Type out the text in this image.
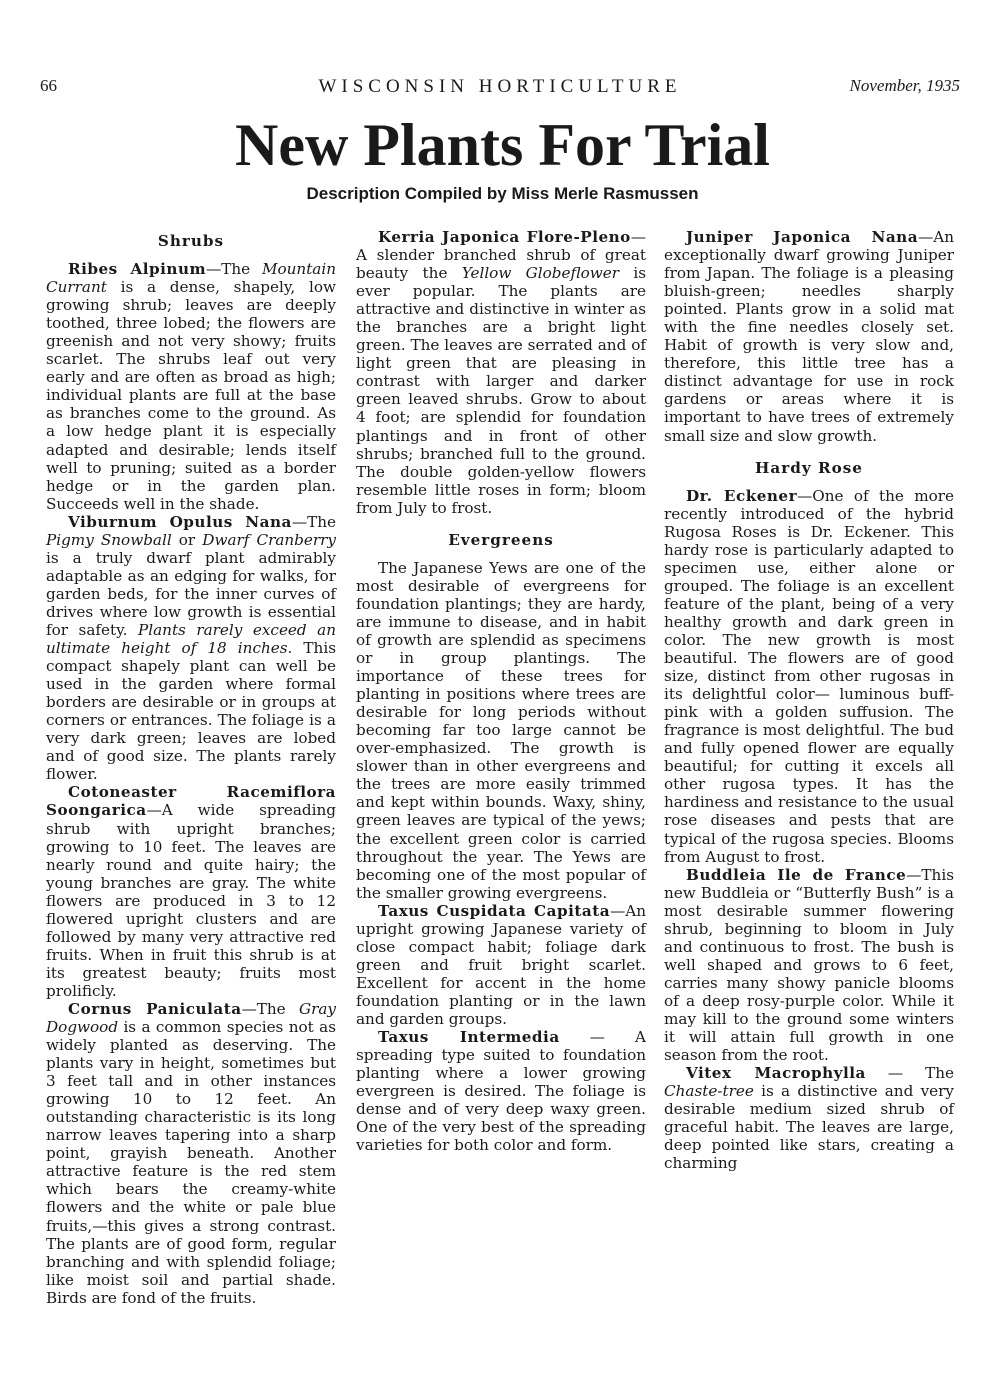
66	WISCONSIN HORTICULTURE	November, 1935
New Plants For Trial
Description Compiled by Miss Merle Rasmussen
Shrubs

Ribes Alpinum—The Mountain Currant is a dense, shapely, low growing shrub; leaves are deeply toothed, three lobed; the flowers are greenish and not very showy; fruits scarlet. The shrubs leaf out very early and are often as broad as high; individual plants are full at the base as branches come to the ground. As a low hedge plant it is especially adapted and desirable; lends itself well to pruning; suited as a border hedge or in the garden plan. Succeeds well in the shade.

Viburnum Opulus Nana—The Pigmy Snowball or Dwarf Cranberry is a truly dwarf plant admirably adaptable as an edging for walks, for garden beds, for the inner curves of drives where low growth is essential for safety. Plants rarely exceed an ultimate height of 18 inches. This compact shapely plant can well be used in the garden where formal borders are desirable or in groups at corners or entrances. The foliage is a very dark green; leaves are lobed and of good size. The plants rarely flower.

Cotoneaster Racemiflora Soongarica—A wide spreading shrub with upright branches; growing to 10 feet. The leaves are nearly round and quite hairy; the young branches are gray. The white flowers are produced in 3 to 12 flowered upright clusters and are followed by many very attractive red fruits. When in fruit this shrub is at its greatest beauty; fruits most prolificly.

Cornus Paniculata—The Gray Dogwood is a common species not as widely planted as deserving. The plants vary in height, sometimes but 3 feet tall and in other instances growing 10 to 12 feet. An outstanding characteristic is its long narrow leaves tapering into a sharp point, grayish beneath. Another attractive feature is the red stem which bears the creamy-white flowers and the white or pale blue fruits,—this gives a strong contrast. The plants are of good form, regular branching and with splendid foliage; like moist soil and partial shade. Birds are fond of the fruits.

Kerria Japonica Flore-Pleno—A slender branched shrub of great beauty the Yellow Globeflower is ever popular. The plants are attractive and distinctive in winter as the branches are a bright light green. The leaves are serrated and of light green that are pleasing in contrast with larger and darker green leaved shrubs. Grow to about 4 foot; are splendid for foundation plantings and in front of other shrubs; branched full to the ground. The double golden-yellow flowers resemble little roses in form; bloom from July to frost.

Evergreens

The Japanese Yews are one of the most desirable of evergreens for foundation plantings; they are hardy, are immune to disease, and in habit of growth are splendid as specimens or in group plantings. The importance of these trees for planting in positions where trees are desirable for long periods without becoming far too large cannot be over-emphasized. The growth is slower than in other evergreens and the trees are more easily trimmed and kept within bounds. Waxy, shiny, green leaves are typical of the yews; the excellent green color is carried throughout the year. The Yews are becoming one of the most popular of the smaller growing evergreens.

Taxus Cuspidata Capitata—An upright growing Japanese variety of close compact habit; foliage dark green and fruit bright scarlet. Excellent for accent in the home foundation planting or in the lawn and garden groups.

Taxus Intermedia — A spreading type suited to foundation planting where a lower growing evergreen is desired. The foliage is dense and of very deep waxy green. One of the very best of the spreading varieties for both color and form.

Juniper Japonica Nana—An exceptionally dwarf growing Juniper from Japan. The foliage is a pleasing bluish-green; needles sharply pointed. Plants grow in a solid mat with the fine needles closely set. Habit of growth is very slow and, therefore, this little tree has a distinct advantage for use in rock gardens or areas where it is important to have trees of extremely small size and slow growth.

Hardy Rose

Dr. Eckener—One of the more recently introduced of the hybrid Rugosa Roses is Dr. Eckener. This hardy rose is particularly adapted to specimen use, either alone or grouped. The foliage is an excellent feature of the plant, being of a very healthy growth and dark green in color. The new growth is most beautiful. The flowers are of good size, distinct from other rugosas in its delightful color— luminous buff-pink with a golden suffusion. The fragrance is most delightful. The bud and fully opened flower are equally beautiful; for cutting it excels all other rugosa types. It has the hardiness and resistance to the usual rose diseases and pests that are typical of the rugosa species. Blooms from August to frost.

Buddleia Ile de France—This new Buddleia or “Butterfly Bush” is a most desirable summer flowering shrub, beginning to bloom in July and continuous to frost. The bush is well shaped and grows to 6 feet, carries many showy panicle blooms of a deep rosy-purple color. While it may kill to the ground some winters it will attain full growth in one season from the root.

Vitex Macrophylla — The Chaste-tree is a distinctive and very desirable medium sized shrub of graceful habit. The leaves are large, deep pointed like stars, creating a charming
